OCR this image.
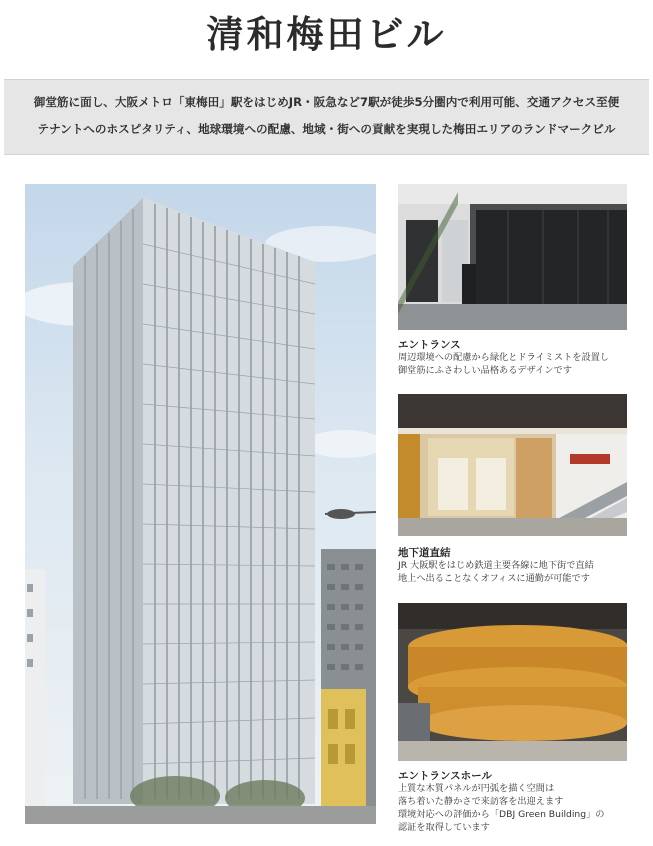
清和梅田ビル
御堂筋に面し、大阪メトロ「東梅田」駅をはじめJR・阪急など7駅が徒歩5分圏内で利用可能、交通アクセス至便
テナントへのホスピタリティ、地球環境への配慮、地域・街への貢献を実現した梅田エリアのランドマークビル
エントランス
周辺環境への配慮から緑化とドライミストを設置し
御堂筋にふさわしい品格あるデザインです
地下道直結
JR 大阪駅をはじめ鉄道主要各線に地下街で直結
地上へ出ることなくオフィスに通勤が可能です
エントランスホール
上質な木質パネルが円弧を描く空間は
落ち着いた静かさで来訪客を出迎えます
環境対応への評価から「DBJ Green Building」の
認証を取得しています
